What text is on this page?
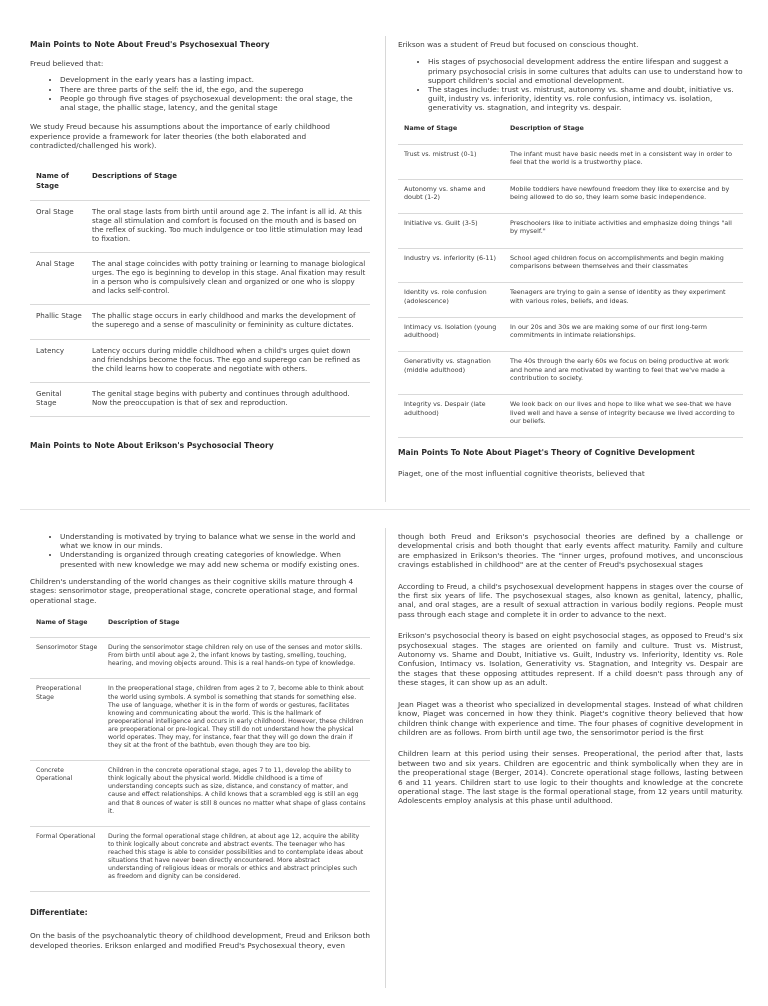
Main Points to Note About Freud's Psychosexual Theory

Freud believed that:

• Development in the early years has a lasting impact.
• There are three parts of the self: the id, the ego, and the superego
• People go through five stages of psychosexual development: the oral stage, the anal stage, the phallic stage, latency, and the genital stage

We study Freud because his assumptions about the importance of early childhood experience provide a framework for later theories (the both elaborated and contradicted/challenged his work).

Name of Stage	Descriptions of Stage
Oral Stage	The oral stage lasts from birth until around age 2. The infant is all id. At this stage all stimulation and comfort is focused on the mouth and is based on the reflex of sucking. Too much indulgence or too little stimulation may lead to fixation.
Anal Stage	The anal stage coincides with potty training or learning to manage biological urges. The ego is beginning to develop in this stage. Anal fixation may result in a person who is compulsively clean and organized or one who is sloppy and lacks self-control.
Phallic Stage	The phallic stage occurs in early childhood and marks the development of the superego and a sense of masculinity or femininity as culture dictates.
Latency	Latency occurs during middle childhood when a child's urges quiet down and friendships become the focus. The ego and superego can be refined as the child learns how to cooperate and negotiate with others.
Genital Stage	The genital stage begins with puberty and continues through adulthood. Now the preoccupation is that of sex and reproduction.
Main Points to Note About Erikson's Psychosocial Theory

Erikson was a student of Freud but focused on conscious thought.

• His stages of psychosocial development address the entire lifespan and suggest a primary psychosocial crisis in some cultures that adults can use to understand how to support children's social and emotional development.
• The stages include: trust vs. mistrust, autonomy vs. shame and doubt, initiative vs. guilt, industry vs. inferiority, identity vs. role confusion, intimacy vs. isolation, generativity vs. stagnation, and integrity vs. despair.
Name of Stage	Description of Stage
Trust vs. mistrust (0-1)	The infant must have basic needs met in a consistent way in order to feel that the world is a trustworthy place.
Autonomy vs. shame and doubt (1-2)	Mobile toddlers have newfound freedom they like to exercise and by being allowed to do so, they learn some basic independence.
Initiative vs. Guilt (3-5)	Preschoolers like to initiate activities and emphasize doing things "all by myself."
Industry vs. inferiority (6-11)	School aged children focus on accomplishments and begin making comparisons between themselves and their classmates
Identity vs. role confusion (adolescence)	Teenagers are trying to gain a sense of identity as they experiment with various roles, beliefs, and ideas.
Intimacy vs. Isolation (young adulthood)	In our 20s and 30s we are making some of our first long-term commitments in intimate relationships.
Generativity vs. stagnation (middle adulthood)	The 40s through the early 60s we focus on being productive at work and home and are motivated by wanting to feel that we've made a contribution to society.
Integrity vs. Despair (late adulthood)	We look back on our lives and hope to like what we see-that we have lived well and have a sense of integrity because we lived according to our beliefs.
Main Points To Note About Piaget's Theory of Cognitive Development

Piaget, one of the most influential cognitive theorists, believed that

• Understanding is motivated by trying to balance what we sense in the world and what we know in our minds.
• Understanding is organized through creating categories of knowledge. When presented with new knowledge we may add new schema or modify existing ones.

Children's understanding of the world changes as their cognitive skills mature through 4 stages: sensorimotor stage, preoperational stage, concrete operational stage, and formal operational stage.

Name of Stage	Description of Stage
Sensorimotor Stage	During the sensorimotor stage children rely on use of the senses and motor skills. From birth until about age 2, the infant knows by tasting, smelling, touching, hearing, and moving objects around. This is a real hands-on type of knowledge.
Preoperational Stage	In the preoperational stage, children from ages 2 to 7, become able to think about the world using symbols. A symbol is something that stands for something else. The use of language, whether it is in the form of words or gestures, facilitates knowing and communicating about the world. This is the hallmark of preoperational intelligence and occurs in early childhood. However, these children are preoperational or pre-logical. They still do not understand how the physical world operates. They may, for instance, fear that they will go down the drain if they sit at the front of the bathtub, even though they are too big.
Concrete Operational	Children in the concrete operational stage, ages 7 to 11, develop the ability to think logically about the physical world. Middle childhood is a time of understanding concepts such as size, distance, and constancy of matter, and cause and effect relationships. A child knows that a scrambled egg is still an egg and that 8 ounces of water is still 8 ounces no matter what shape of glass contains it.
Formal Operational	During the formal operational stage children, at about age 12, acquire the ability to think logically about concrete and abstract events. The teenager who has reached this stage is able to consider possibilities and to contemplate ideas about situations that have never been directly encountered. More abstract understanding of religious ideas or morals or ethics and abstract principles such as freedom and dignity can be considered.
Differentiate:

On the basis of the psychoanalytic theory of childhood development, Freud and Erikson both developed theories. Erikson enlarged and modified Freud's Psychosexual theory, even

though both Freud and Erikson's psychosocial theories are defined by a challenge or developmental crisis and both thought that early events affect maturity. Family and culture are emphasized in Erikson's theories. The "inner urges, profound motives, and unconscious cravings established in childhood" are at the center of Freud's psychosexual stages

According to Freud, a child's psychosexual development happens in stages over the course of the first six years of life. The psychosexual stages, also known as genital, latency, phallic, anal, and oral stages, are a result of sexual attraction in various bodily regions. People must pass through each stage and complete it in order to advance to the next.

Erikson's psychosocial theory is based on eight psychosocial stages, as opposed to Freud's six psychosexual stages. The stages are oriented on family and culture. Trust vs. Mistrust, Autonomy vs. Shame and Doubt, Initiative vs. Guilt, Industry vs. Inferiority, Identity vs. Role Confusion, Intimacy vs. Isolation, Generativity vs. Stagnation, and Integrity vs. Despair are the stages that these opposing attitudes represent. If a child doesn't pass through any of these stages, it can show up as an adult.

Jean Piaget was a theorist who specialized in developmental stages. Instead of what children know, Piaget was concerned in how they think. Piaget's cognitive theory believed that how children think change with experience and time. The four phases of cognitive development in children are as follows. From birth until age two, the sensorimotor period is the first

Children learn at this period using their senses. Preoperational, the period after that, lasts between two and six years. Children are egocentric and think symbolically when they are in the preoperational stage (Berger, 2014). Concrete operational stage follows, lasting between 6 and 11 years. Children start to use logic to their thoughts and knowledge at the concrete operational stage. The last stage is the formal operational stage, from 12 years until maturity. Adolescents employ analysis at this phase until adulthood.
